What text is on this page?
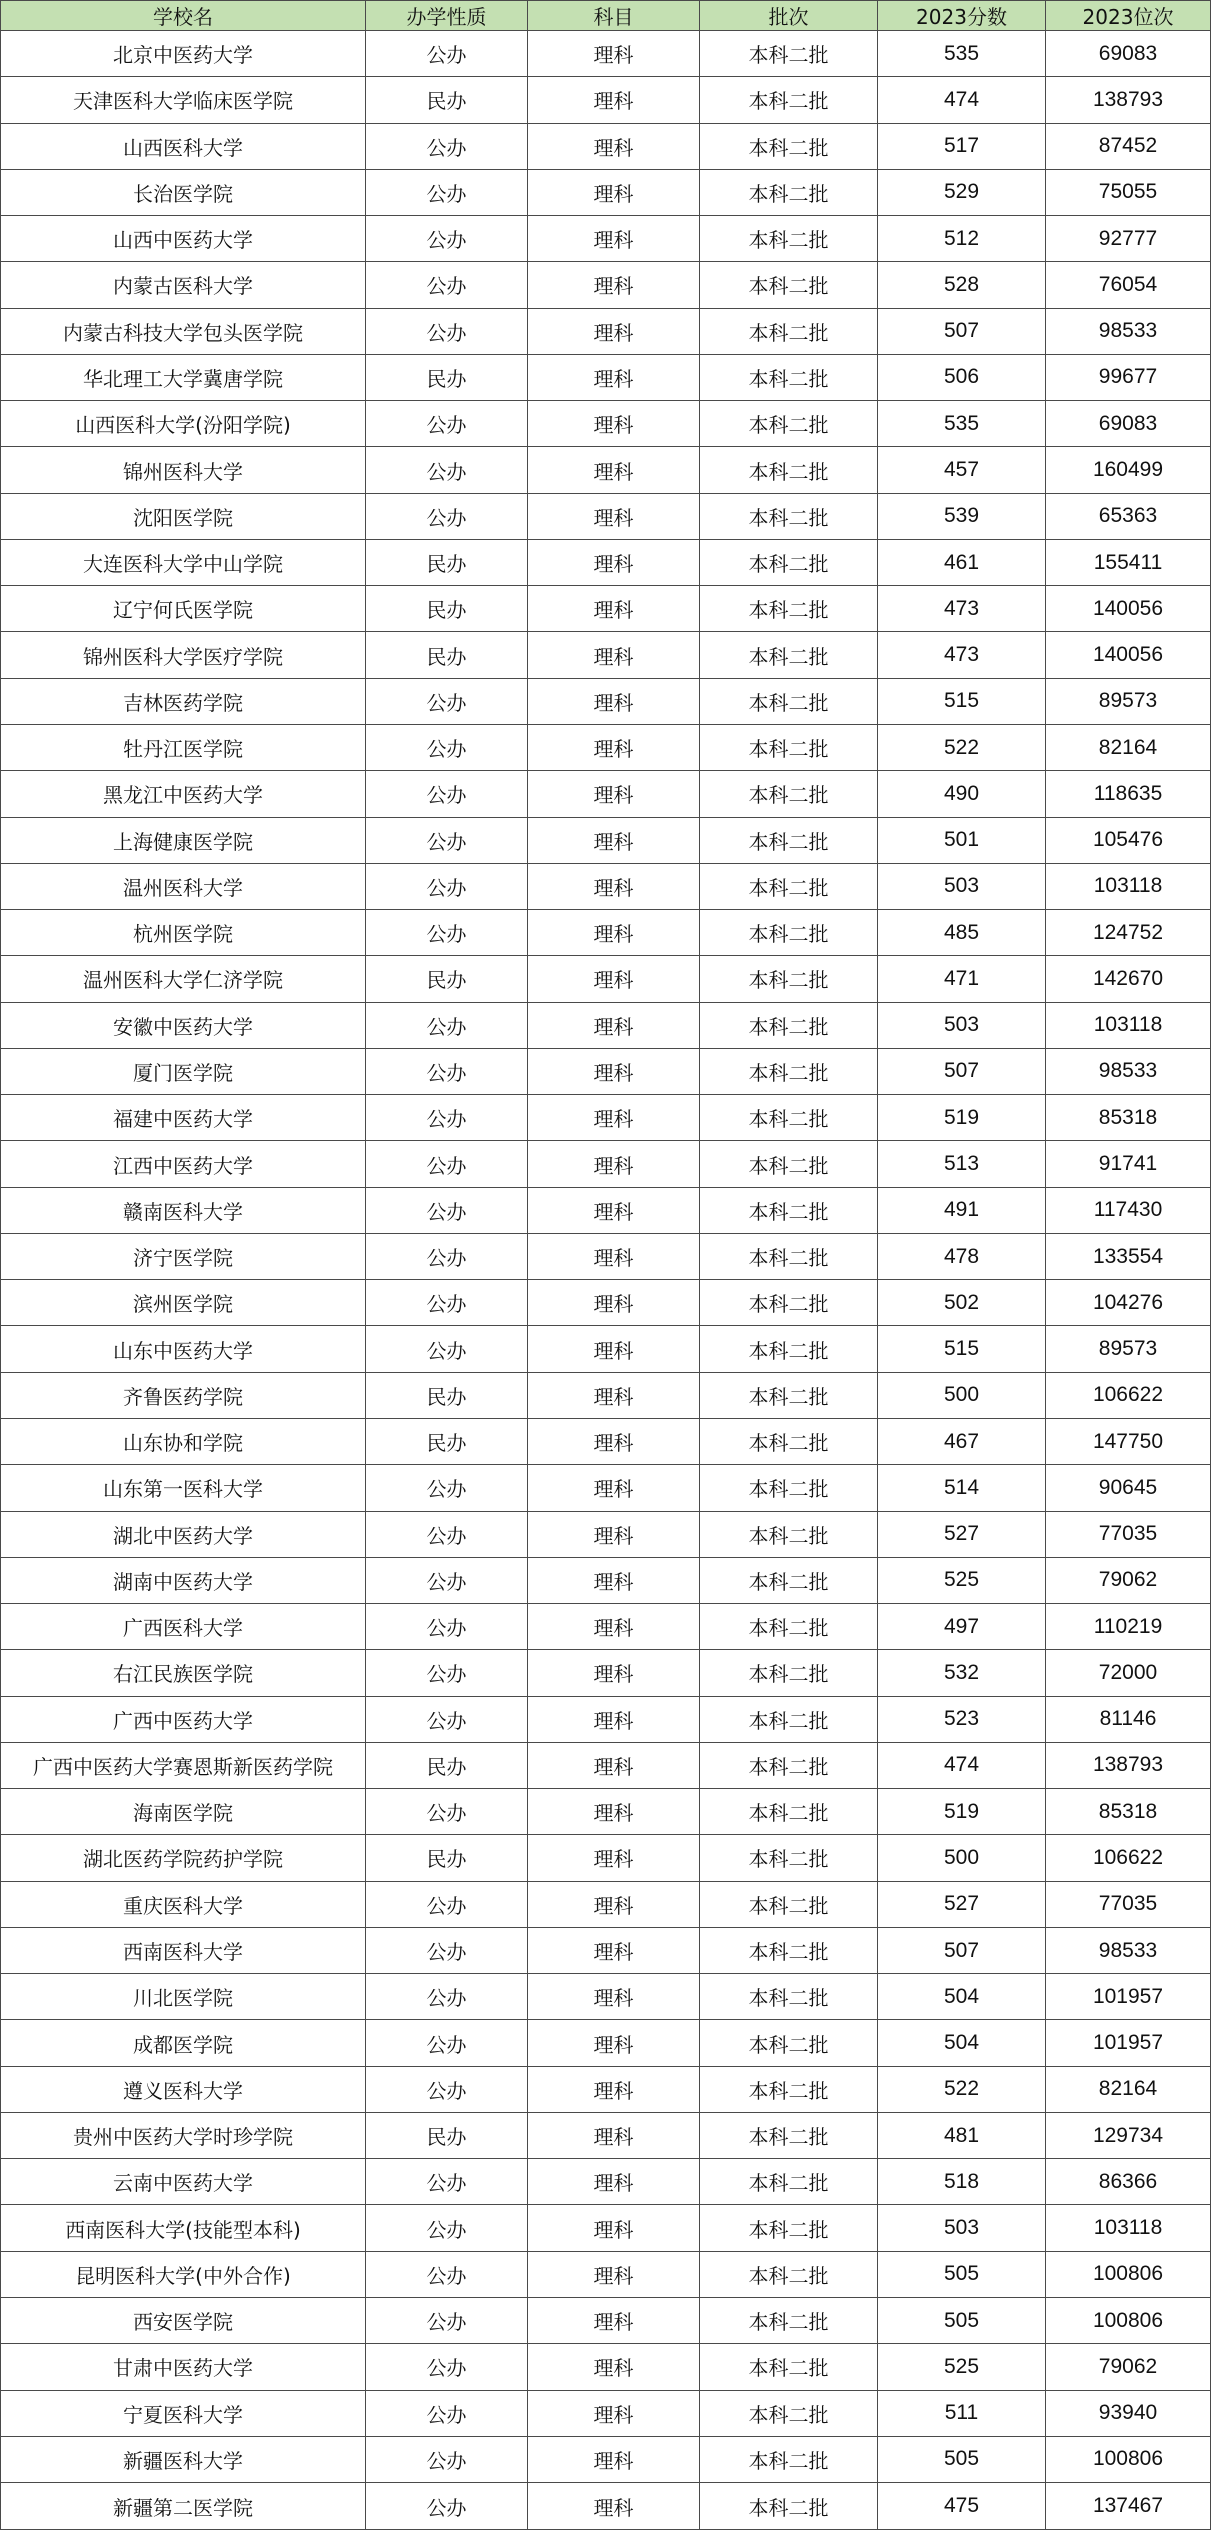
学校名	办学性质	科目	批次	2023分数	2023位次
北京中医药大学	公办	理科	本科二批	535	69083
天津医科大学临床医学院	民办	理科	本科二批	474	138793
山西医科大学	公办	理科	本科二批	517	87452
长治医学院	公办	理科	本科二批	529	75055
山西中医药大学	公办	理科	本科二批	512	92777
内蒙古医科大学	公办	理科	本科二批	528	76054
内蒙古科技大学包头医学院	公办	理科	本科二批	507	98533
华北理工大学冀唐学院	民办	理科	本科二批	506	99677
山西医科大学(汾阳学院)	公办	理科	本科二批	535	69083
锦州医科大学	公办	理科	本科二批	457	160499
沈阳医学院	公办	理科	本科二批	539	65363
大连医科大学中山学院	民办	理科	本科二批	461	155411
辽宁何氏医学院	民办	理科	本科二批	473	140056
锦州医科大学医疗学院	民办	理科	本科二批	473	140056
吉林医药学院	公办	理科	本科二批	515	89573
牡丹江医学院	公办	理科	本科二批	522	82164
黑龙江中医药大学	公办	理科	本科二批	490	118635
上海健康医学院	公办	理科	本科二批	501	105476
温州医科大学	公办	理科	本科二批	503	103118
杭州医学院	公办	理科	本科二批	485	124752
温州医科大学仁济学院	民办	理科	本科二批	471	142670
安徽中医药大学	公办	理科	本科二批	503	103118
厦门医学院	公办	理科	本科二批	507	98533
福建中医药大学	公办	理科	本科二批	519	85318
江西中医药大学	公办	理科	本科二批	513	91741
赣南医科大学	公办	理科	本科二批	491	117430
济宁医学院	公办	理科	本科二批	478	133554
滨州医学院	公办	理科	本科二批	502	104276
山东中医药大学	公办	理科	本科二批	515	89573
齐鲁医药学院	民办	理科	本科二批	500	106622
山东协和学院	民办	理科	本科二批	467	147750
山东第一医科大学	公办	理科	本科二批	514	90645
湖北中医药大学	公办	理科	本科二批	527	77035
湖南中医药大学	公办	理科	本科二批	525	79062
广西医科大学	公办	理科	本科二批	497	110219
右江民族医学院	公办	理科	本科二批	532	72000
广西中医药大学	公办	理科	本科二批	523	81146
广西中医药大学赛恩斯新医药学院	民办	理科	本科二批	474	138793
海南医学院	公办	理科	本科二批	519	85318
湖北医药学院药护学院	民办	理科	本科二批	500	106622
重庆医科大学	公办	理科	本科二批	527	77035
西南医科大学	公办	理科	本科二批	507	98533
川北医学院	公办	理科	本科二批	504	101957
成都医学院	公办	理科	本科二批	504	101957
遵义医科大学	公办	理科	本科二批	522	82164
贵州中医药大学时珍学院	民办	理科	本科二批	481	129734
云南中医药大学	公办	理科	本科二批	518	86366
西南医科大学(技能型本科)	公办	理科	本科二批	503	103118
昆明医科大学(中外合作)	公办	理科	本科二批	505	100806
西安医学院	公办	理科	本科二批	505	100806
甘肃中医药大学	公办	理科	本科二批	525	79062
宁夏医科大学	公办	理科	本科二批	511	93940
新疆医科大学	公办	理科	本科二批	505	100806
新疆第二医学院	公办	理科	本科二批	475	137467
